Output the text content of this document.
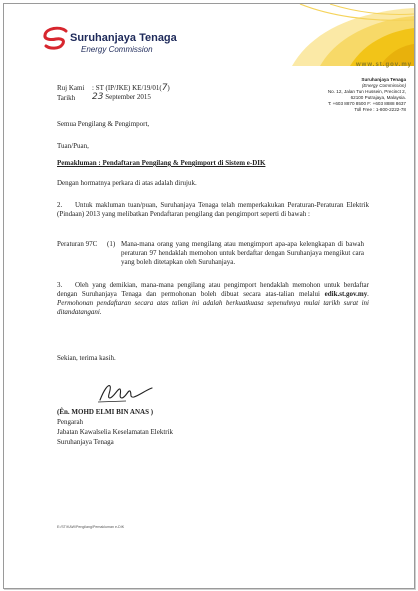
Suruhanjaya Tenaga
Energy Commission
www.st.gov.my
Suruhanjaya Tenaga
(Energy Commission)
No. 12, Jalan Tun Hussein, Precinct 2,
62100 Putrajaya, Malaysia.
T: +603 8870 8500 F: +603 8888 8637
Toll Free : 1-800-2222-78
Ruj Kami : ST (IP/JKE) KE/19/01(7)
Tarikh 23 September 2015
Semua Pengilang & Pengimport,
Tuan/Puan,
Pemakluman : Pendaftaran Pengilang & Pengimport di Sistem e-DIK
Dengan hormatnya perkara di atas adalah dirujuk.
2.	Untuk makluman tuan/puan, Suruhanjaya Tenaga telah memperkakukan Peraturan-Peraturan Elektrik (Pindaan) 2013 yang melibatkan Pendaftaran pengilang dan pengimport seperti di bawah :
Peraturan 97C (1) Mana-mana orang yang mengilang atau mengimport apa-apa kelengkapan di bawah peraturan 97 hendaklah memohon untuk berdaftar dengan Suruhanjaya mengikut cara yang boleh ditetapkan oleh Suruhanjaya.
3.	Oleh yang demikian, mana-mana pengilang atau pengimport hendaklah memohon untuk berdaftar dengan Suruhanjaya Tenaga dan permohonan boleh dibuat secara atas-talian melalui edik.st.gov.my. Permohonan pendaftaran secara atas talian ini adalah berkuatkuasa sepenuhnya mulai tarikh surat ini ditandatangani.
Sekian, terima kasih.
(Ên. MOHD ELMI BIN ANAS )
Pengarah
Jabatan Kawalselia Keselamatan Elektrik
Suruhanjaya Tenaga
E:/ST/KAW/Pengilang/Pemakluman e-DIK
